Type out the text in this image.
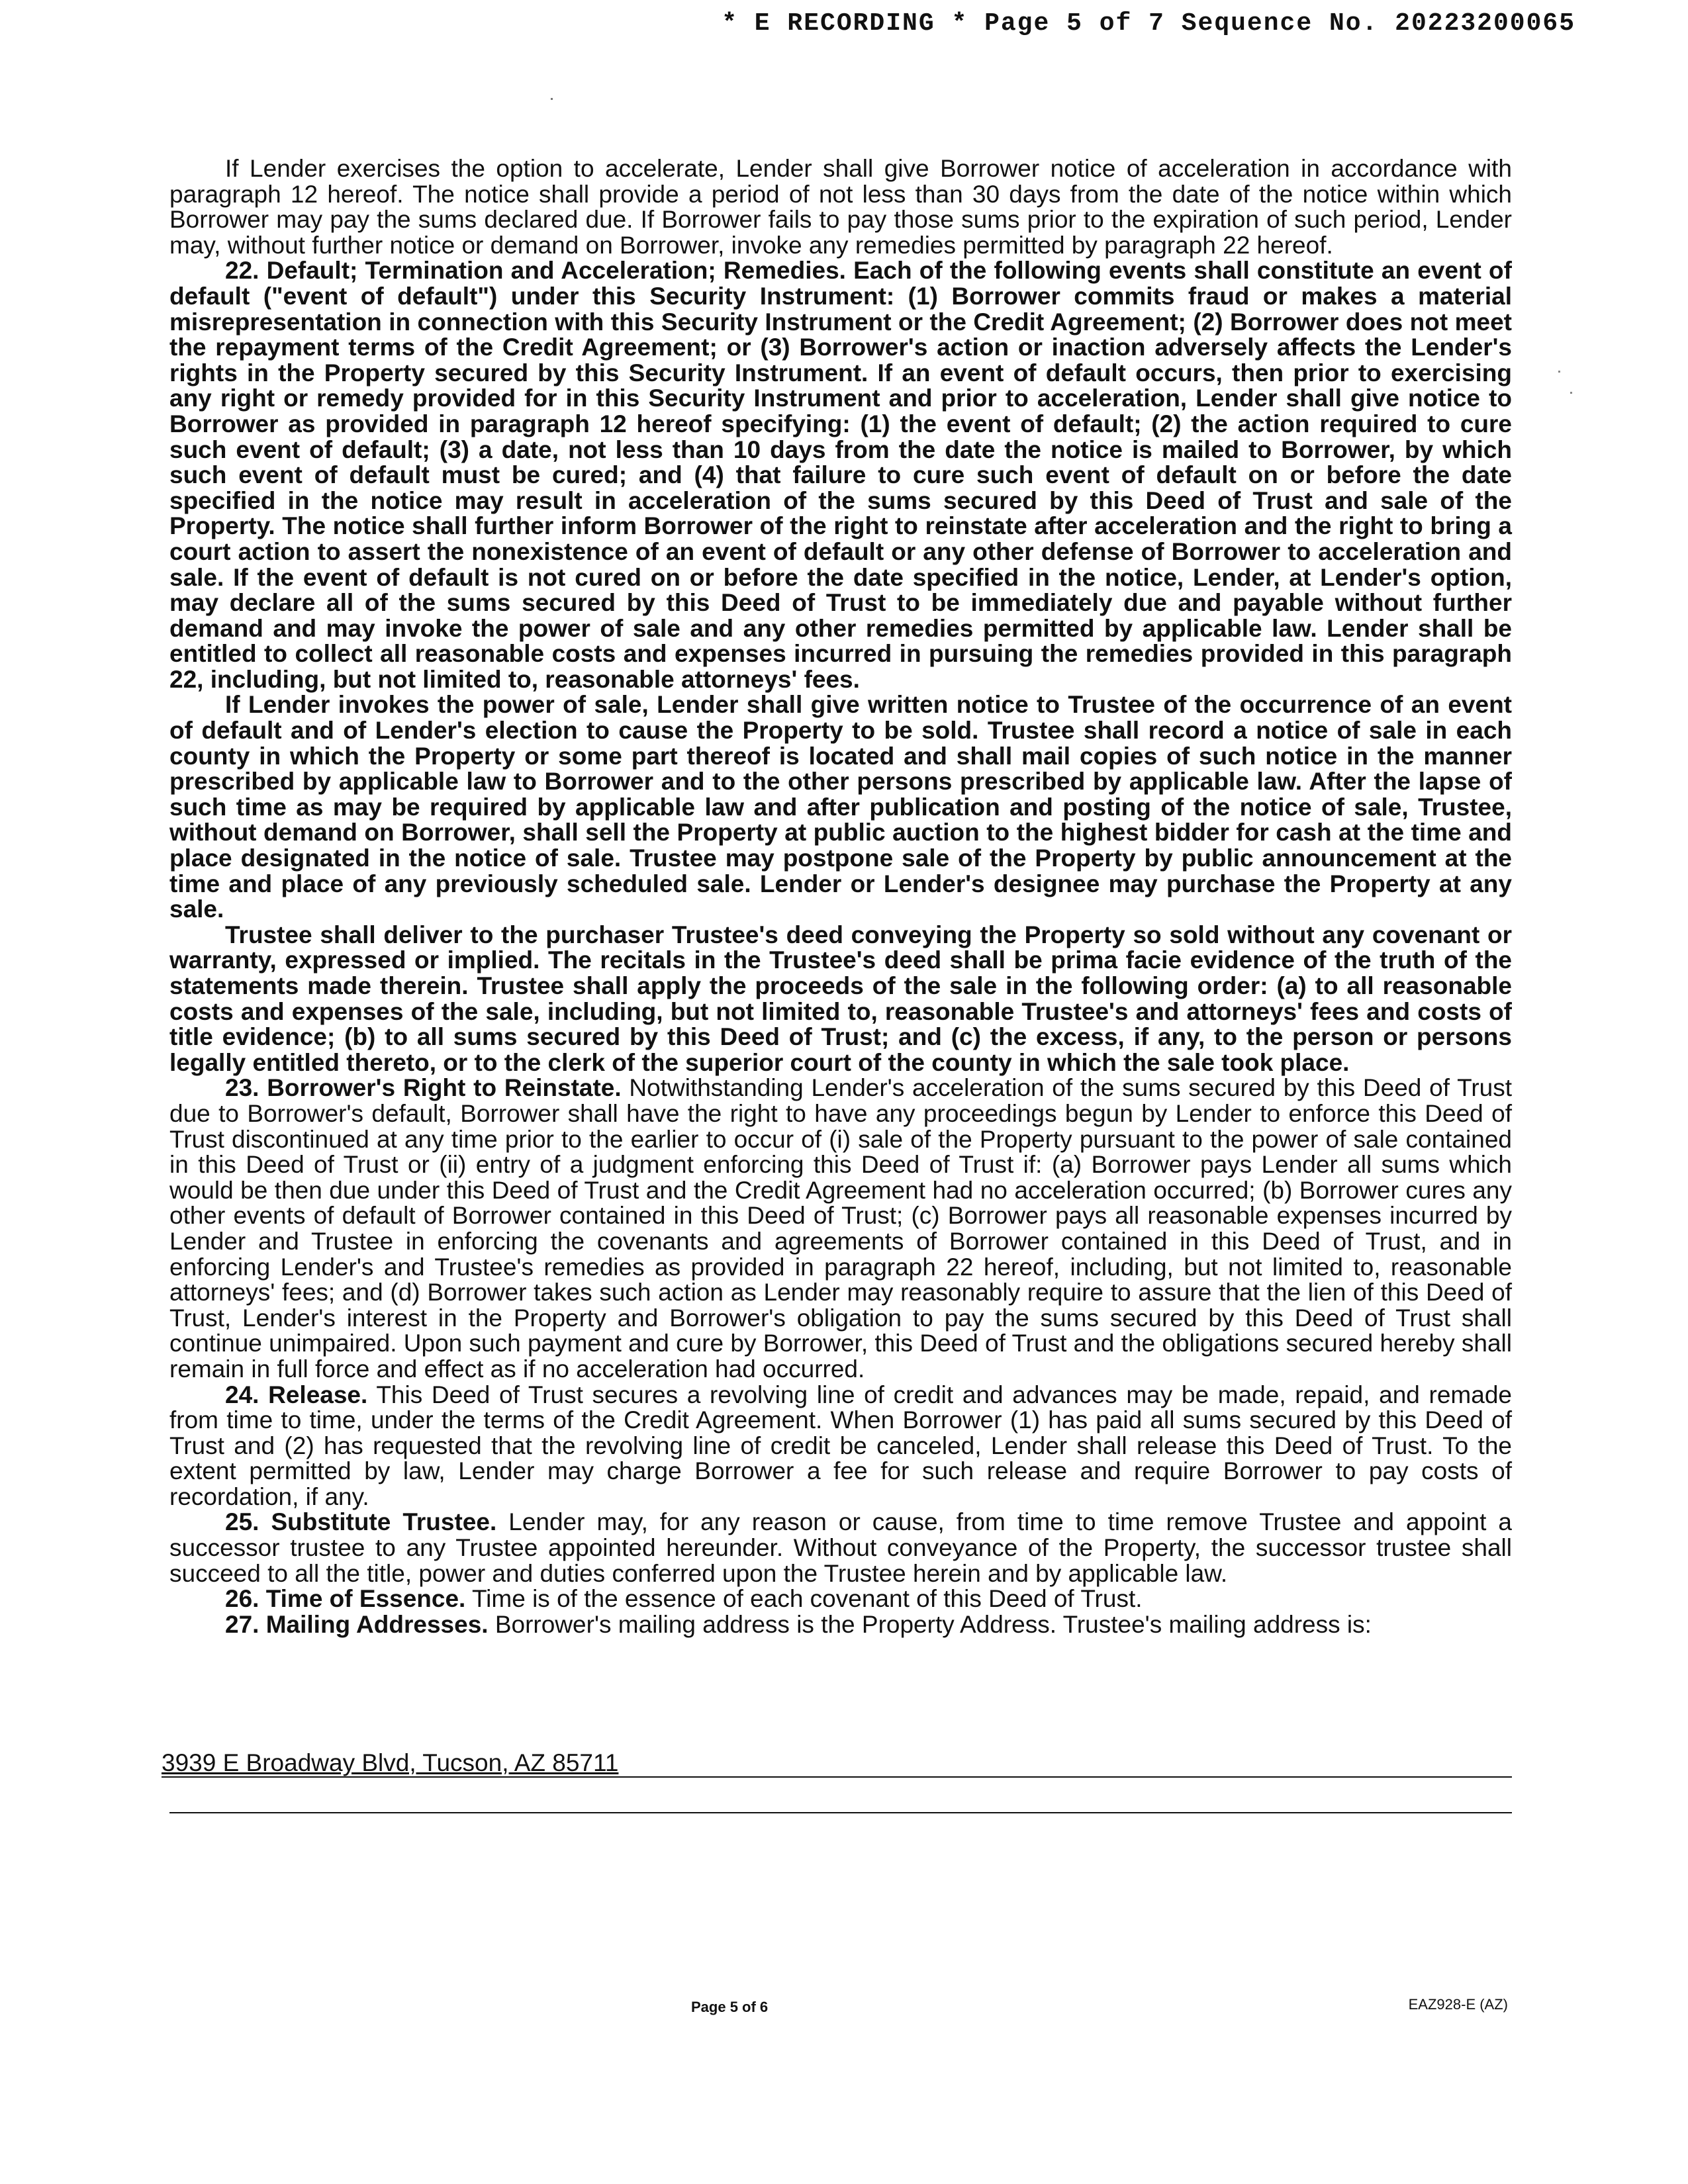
* E RECORDING * Page 5 of 7 Sequence No. 20223200065

If Lender exercises the option to accelerate, Lender shall give Borrower notice of acceleration in accordance with paragraph 12 hereof. The notice shall provide a period of not less than 30 days from the date of the notice within which Borrower may pay the sums declared due. If Borrower fails to pay those sums prior to the expiration of such period, Lender may, without further notice or demand on Borrower, invoke any remedies permitted by paragraph 22 hereof.

22. Default; Termination and Acceleration; Remedies. Each of the following events shall constitute an event of default ("event of default") under this Security Instrument: (1) Borrower commits fraud or makes a material misrepresentation in connection with this Security Instrument or the Credit Agreement; (2) Borrower does not meet the repayment terms of the Credit Agreement; or (3) Borrower's action or inaction adversely affects the Lender's rights in the Property secured by this Security Instrument. If an event of default occurs, then prior to exercising any right or remedy provided for in this Security Instrument and prior to acceleration, Lender shall give notice to Borrower as provided in paragraph 12 hereof specifying: (1) the event of default; (2) the action required to cure such event of default; (3) a date, not less than 10 days from the date the notice is mailed to Borrower, by which such event of default must be cured; and (4) that failure to cure such event of default on or before the date specified in the notice may result in acceleration of the sums secured by this Deed of Trust and sale of the Property. The notice shall further inform Borrower of the right to reinstate after acceleration and the right to bring a court action to assert the nonexistence of an event of default or any other defense of Borrower to acceleration and sale. If the event of default is not cured on or before the date specified in the notice, Lender, at Lender's option, may declare all of the sums secured by this Deed of Trust to be immediately due and payable without further demand and may invoke the power of sale and any other remedies permitted by applicable law. Lender shall be entitled to collect all reasonable costs and expenses incurred in pursuing the remedies provided in this paragraph 22, including, but not limited to, reasonable attorneys' fees.

If Lender invokes the power of sale, Lender shall give written notice to Trustee of the occurrence of an event of default and of Lender's election to cause the Property to be sold. Trustee shall record a notice of sale in each county in which the Property or some part thereof is located and shall mail copies of such notice in the manner prescribed by applicable law to Borrower and to the other persons prescribed by applicable law. After the lapse of such time as may be required by applicable law and after publication and posting of the notice of sale, Trustee, without demand on Borrower, shall sell the Property at public auction to the highest bidder for cash at the time and place designated in the notice of sale. Trustee may postpone sale of the Property by public announcement at the time and place of any previously scheduled sale. Lender or Lender's designee may purchase the Property at any sale.

Trustee shall deliver to the purchaser Trustee's deed conveying the Property so sold without any covenant or warranty, expressed or implied. The recitals in the Trustee's deed shall be prima facie evidence of the truth of the statements made therein. Trustee shall apply the proceeds of the sale in the following order: (a) to all reasonable costs and expenses of the sale, including, but not limited to, reasonable Trustee's and attorneys' fees and costs of title evidence; (b) to all sums secured by this Deed of Trust; and (c) the excess, if any, to the person or persons legally entitled thereto, or to the clerk of the superior court of the county in which the sale took place.

23. Borrower's Right to Reinstate. Notwithstanding Lender's acceleration of the sums secured by this Deed of Trust due to Borrower's default, Borrower shall have the right to have any proceedings begun by Lender to enforce this Deed of Trust discontinued at any time prior to the earlier to occur of (i) sale of the Property pursuant to the power of sale contained in this Deed of Trust or (ii) entry of a judgment enforcing this Deed of Trust if: (a) Borrower pays Lender all sums which would be then due under this Deed of Trust and the Credit Agreement had no acceleration occurred; (b) Borrower cures any other events of default of Borrower contained in this Deed of Trust; (c) Borrower pays all reasonable expenses incurred by Lender and Trustee in enforcing the covenants and agreements of Borrower contained in this Deed of Trust, and in enforcing Lender's and Trustee's remedies as provided in paragraph 22 hereof, including, but not limited to, reasonable attorneys' fees; and (d) Borrower takes such action as Lender may reasonably require to assure that the lien of this Deed of Trust, Lender's interest in the Property and Borrower's obligation to pay the sums secured by this Deed of Trust shall continue unimpaired. Upon such payment and cure by Borrower, this Deed of Trust and the obligations secured hereby shall remain in full force and effect as if no acceleration had occurred.

24. Release. This Deed of Trust secures a revolving line of credit and advances may be made, repaid, and remade from time to time, under the terms of the Credit Agreement. When Borrower (1) has paid all sums secured by this Deed of Trust and (2) has requested that the revolving line of credit be canceled, Lender shall release this Deed of Trust. To the extent permitted by law, Lender may charge Borrower a fee for such release and require Borrower to pay costs of recordation, if any.

25. Substitute Trustee. Lender may, for any reason or cause, from time to time remove Trustee and appoint a successor trustee to any Trustee appointed hereunder. Without conveyance of the Property, the successor trustee shall succeed to all the title, power and duties conferred upon the Trustee herein and by applicable law.

26. Time of Essence. Time is of the essence of each covenant of this Deed of Trust.

27. Mailing Addresses. Borrower's mailing address is the Property Address. Trustee's mailing address is:

3939 E Broadway Blvd, Tucson, AZ 85711
Page 5 of 6	EAZ928-E (AZ)
